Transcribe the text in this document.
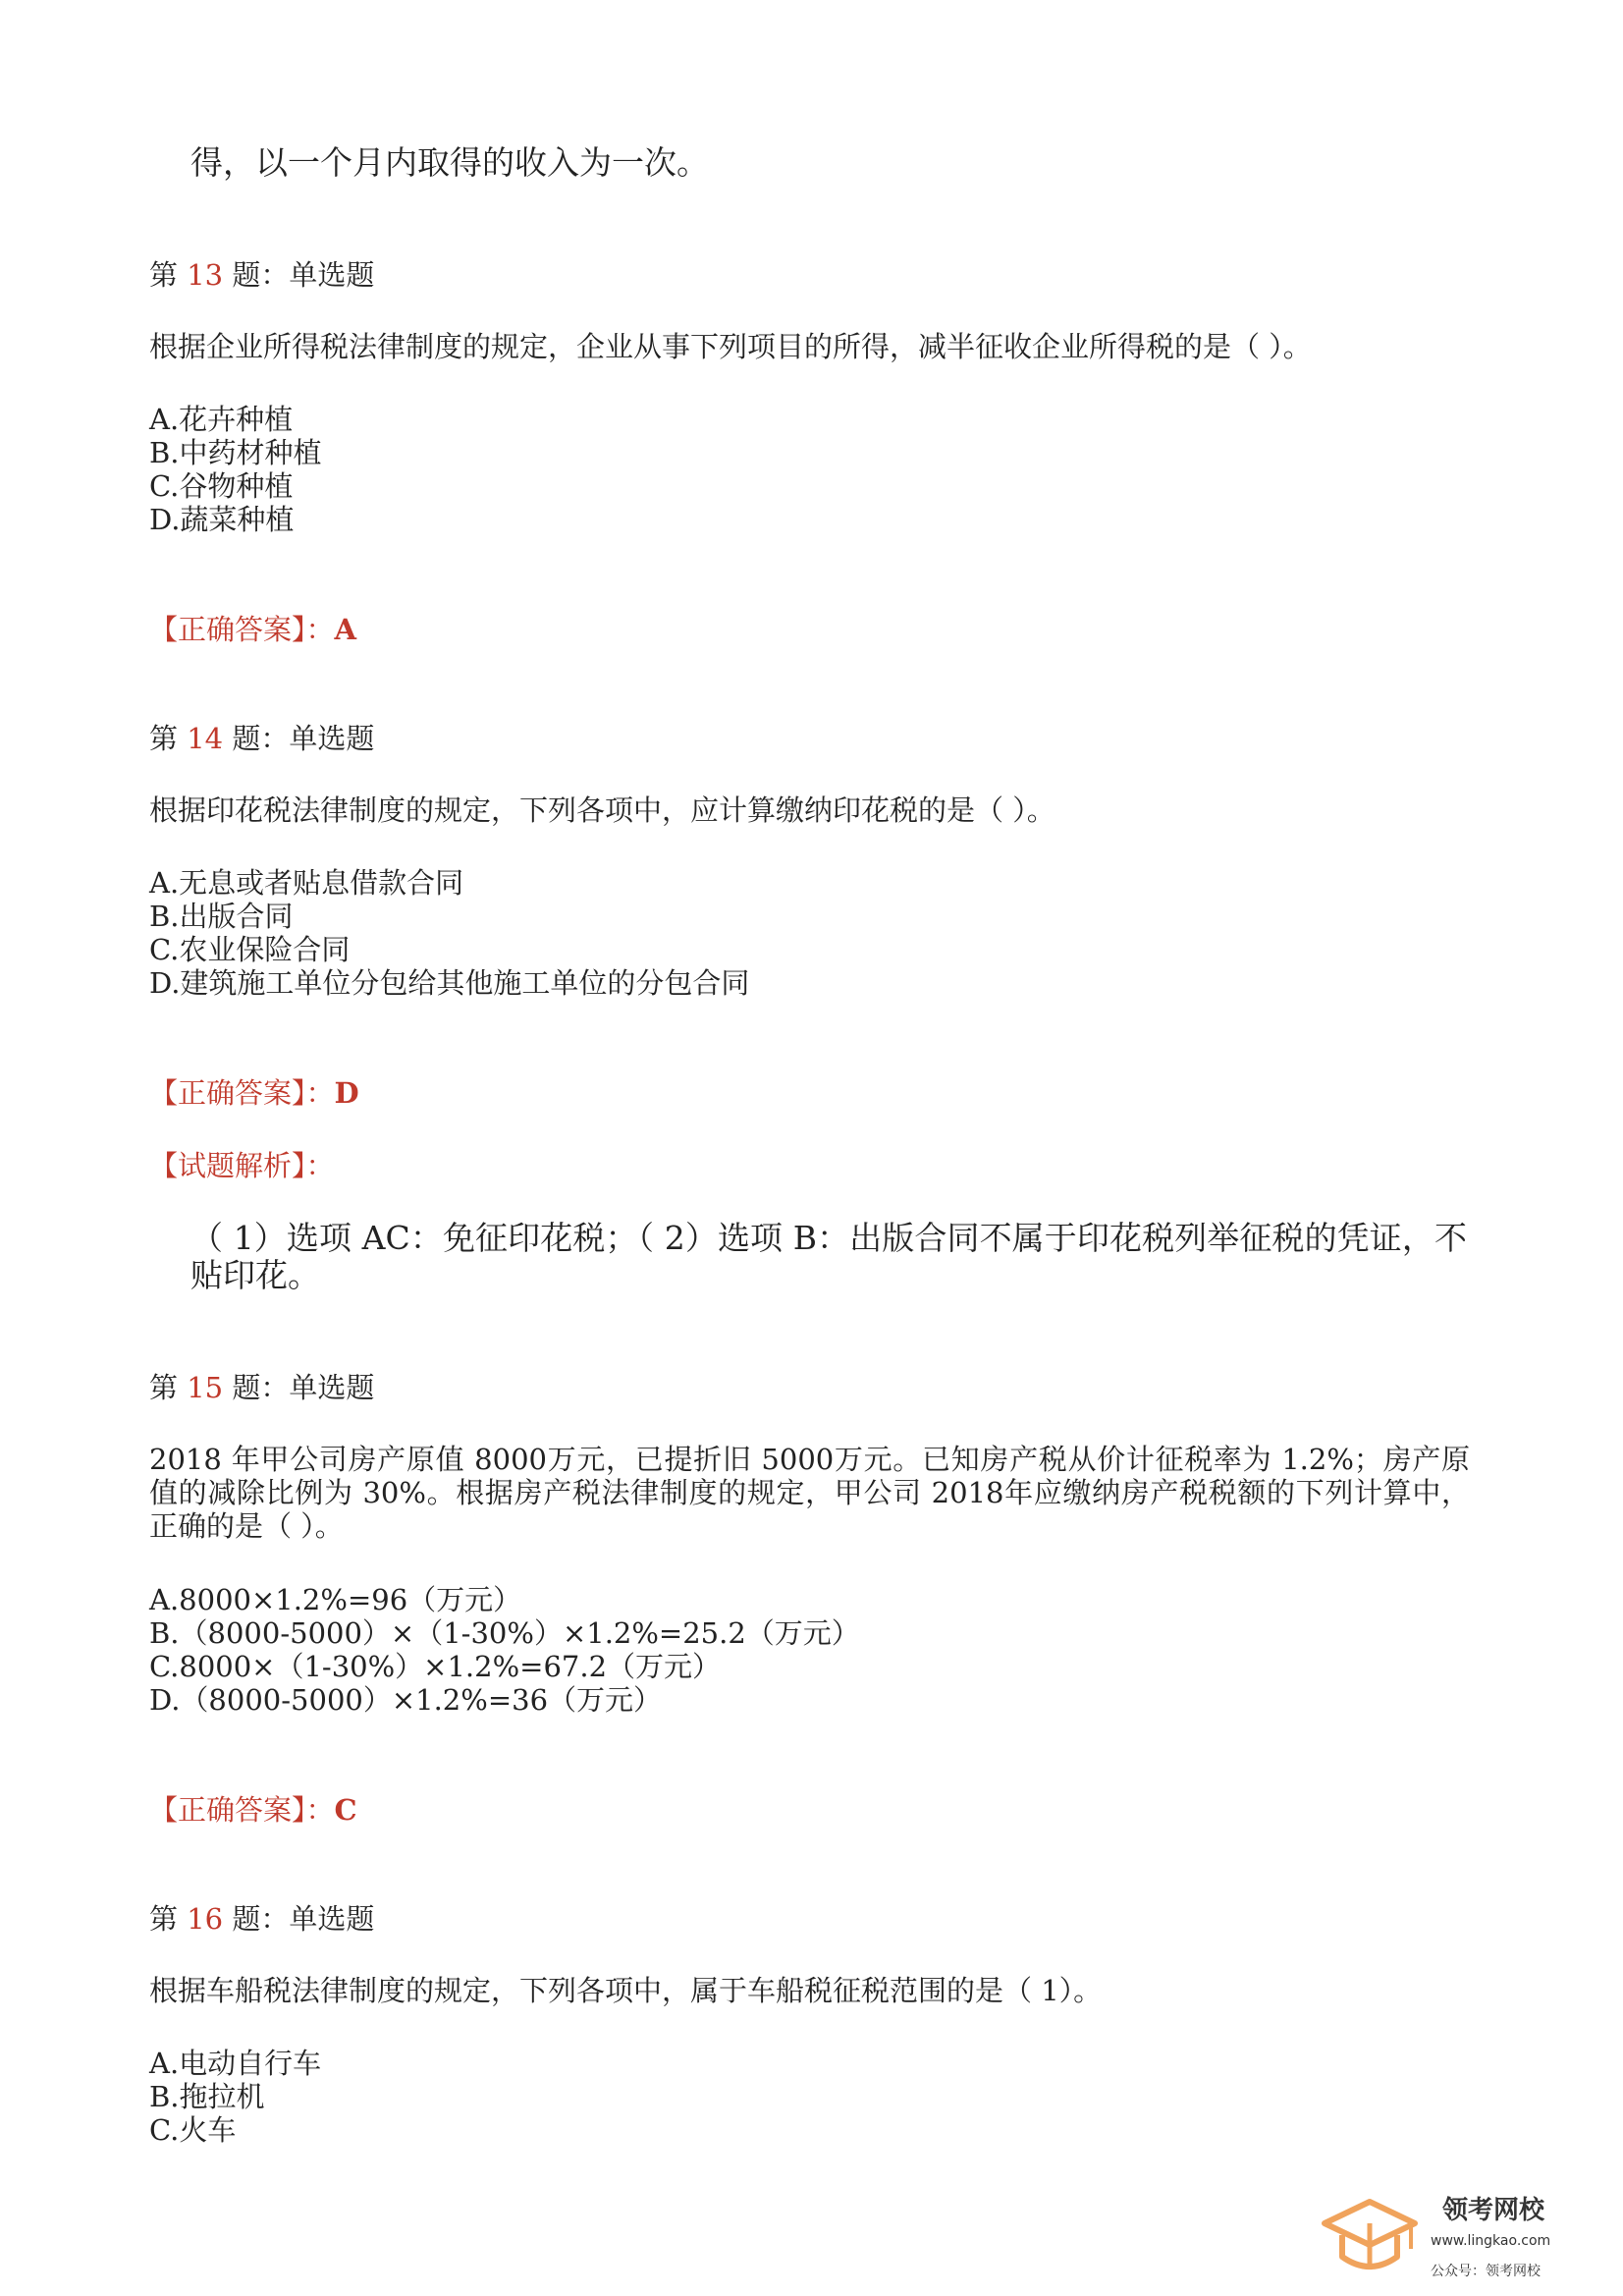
得，以一个月内取得的收入为一次。
第 13 题：单选题
根据企业所得税法律制度的规定，企业从事下列项目的所得，减半征收企业所得税的是（ ）。
A.花卉种植
B.中药材种植
C.谷物种植
D.蔬菜种植
【正确答案】：A
第 14 题：单选题
根据印花税法律制度的规定，下列各项中，应计算缴纳印花税的是（ ）。
A.无息或者贴息借款合同
B.出版合同
C.农业保险合同
D.建筑施工单位分包给其他施工单位的分包合同
【正确答案】：D
【试题解析】：
（ 1）选项 AC：免征印花税；（ 2）选项 B：出版合同不属于印花税列举征税的凭证，不贴印花。
第 15 题：单选题
2018 年甲公司房产原值 8000万元，已提折旧 5000万元。已知房产税从价计征税率为 1.2%；房产原值的减除比例为 30%。根据房产税法律制度的规定，甲公司 2018年应缴纳房产税税额的下列计算中，正确的是（ ）。
A.8000×1.2%=96（万元）
B.（8000-5000）×（1-30%）×1.2%=25.2（万元）
C.8000×（1-30%）×1.2%=67.2（万元）
D.（8000-5000）×1.2%=36（万元）
【正确答案】：C
第 16 题：单选题
根据车船税法律制度的规定，下列各项中，属于车船税征税范围的是（ 1）。
A.电动自行车
B.拖拉机
C.火车
领考网校
www.lingkao.com
公众号：领考网校
